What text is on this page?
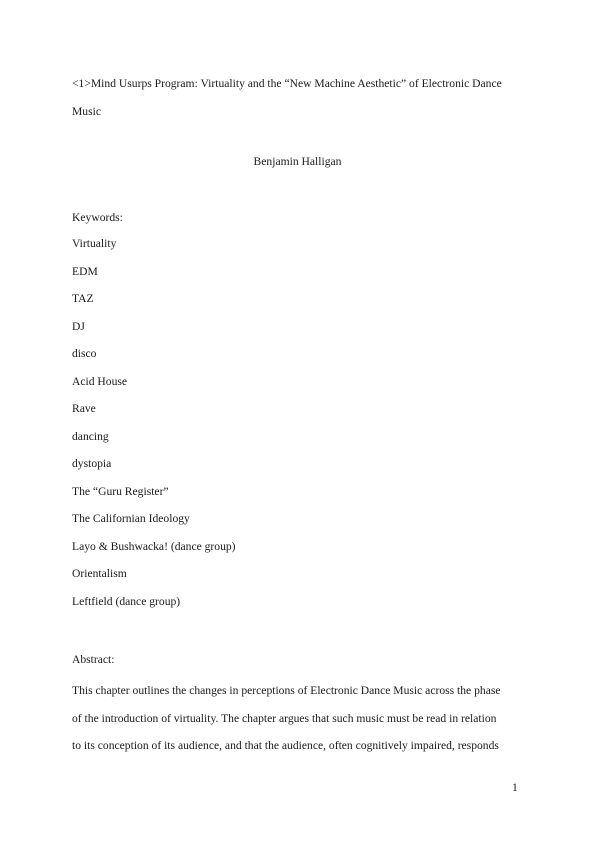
<1>Mind Usurps Program: Virtuality and the “New Machine Aesthetic” of Electronic Dance Music
Benjamin Halligan
Keywords:
Virtuality
EDM
TAZ
DJ
disco
Acid House
Rave
dancing
dystopia
The “Guru Register”
The Californian Ideology
Layo & Bushwacka! (dance group)
Orientalism
Leftfield (dance group)
Abstract:

This chapter outlines the changes in perceptions of Electronic Dance Music across the phase
of the introduction of virtuality. The chapter argues that such music must be read in relation
to its conception of its audience, and that the audience, often cognitively impaired, responds

1
